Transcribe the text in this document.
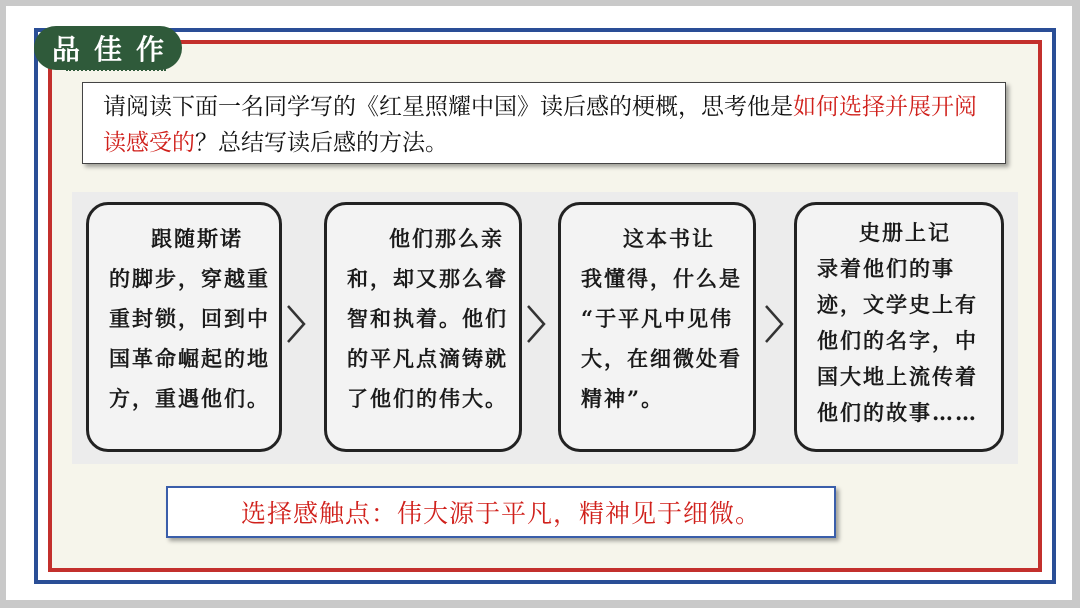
品佳作
请阅读下面一名同学写的《红星照耀中国》读后感的梗概，思考他是如何选择并展开阅读感受的？总结写读后感的方法。
跟随斯诺
的脚步，穿越重
重封锁，回到中
国革命崛起的地
方，重遇他们。
他们那么亲
和，却又那么睿
智和执着。他们
的平凡点滴铸就
了他们的伟大。
这本书让
我懂得，什么是
“于平凡中见伟
大，在细微处看
精神”。
史册上记
录着他们的事
迹，文学史上有
他们的名字，中
国大地上流传着
他们的故事……
选择感触点：伟大源于平凡，精神见于细微。
